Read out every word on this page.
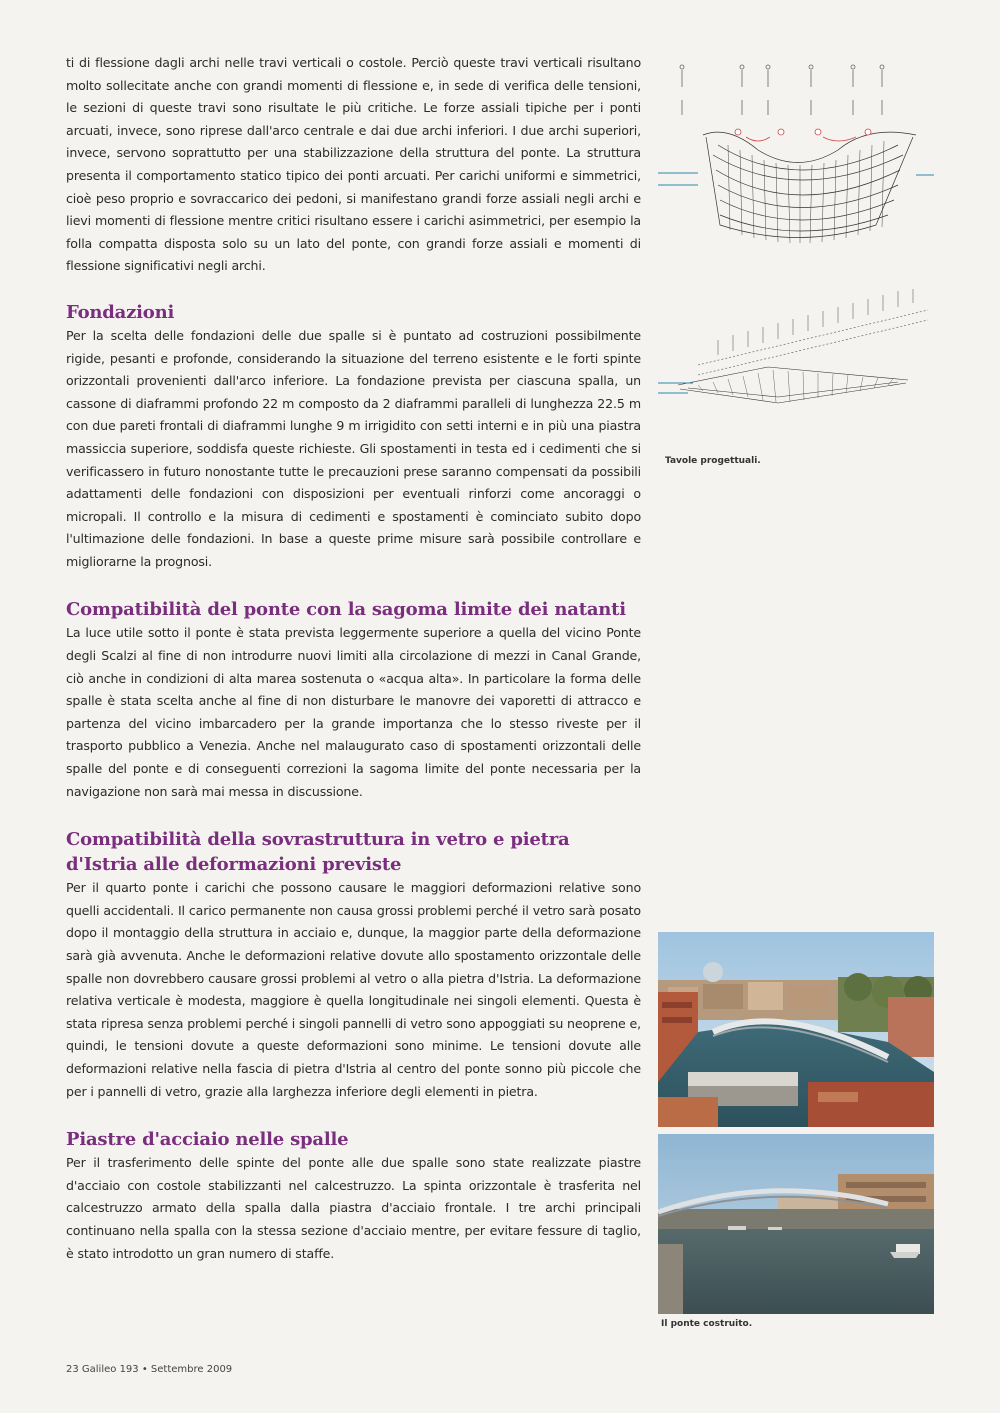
ti di flessione dagli archi nelle travi verticali o costole. Perciò queste travi verticali risultano molto sollecitate anche con grandi momenti di flessione e, in sede di verifica delle tensioni, le sezioni di queste travi sono risultate le più critiche. Le forze assiali tipiche per i ponti arcuati, invece, sono riprese dall'arco centrale e dai due archi inferiori. I due archi superiori, invece, servono soprattutto per una stabilizzazione della struttura del ponte. La struttura presenta il comportamento statico tipico dei ponti arcuati. Per carichi uniformi e simmetrici, cioè peso proprio e sovraccarico dei pedoni, si manifestano grandi forze assiali negli archi e lievi momenti di flessione mentre critici risultano essere i carichi asimmetrici, per esempio la folla compatta disposta solo su un lato del ponte, con grandi forze assiali e momenti di flessione significativi negli archi.

Fondazioni

Per la scelta delle fondazioni delle due spalle si è puntato ad costruzioni possibilmente rigide, pesanti e profonde, considerando la situazione del terreno esistente e le forti spinte orizzontali provenienti dall'arco inferiore. La fondazione prevista per ciascuna spalla, un cassone di diaframmi profondo 22 m composto da 2 diaframmi paralleli di lunghezza 22.5 m con due pareti frontali di diaframmi lunghe 9 m irrigidito con setti interni e in più una piastra massiccia superiore, soddisfa queste richieste. Gli spostamenti in testa ed i cedimenti che si verificassero in futuro nonostante tutte le precauzioni prese saranno compensati da possibili adattamenti delle fondazioni con disposizioni per eventuali rinforzi come ancoraggi o micropali. Il controllo e la misura di cedimenti e spostamenti è cominciato subito dopo l'ultimazione delle fondazioni. In base a queste prime misure sarà possibile controllare e migliorarne la prognosi.

Compatibilità del ponte con la sagoma limite dei natanti

La luce utile sotto il ponte è stata prevista leggermente superiore a quella del vicino Ponte degli Scalzi al fine di non introdurre nuovi limiti alla circolazione di mezzi in Canal Grande, ciò anche in condizioni di alta marea sostenuta o «acqua alta». In particolare la forma delle spalle è stata scelta anche al fine di non disturbare le manovre dei vaporetti di attracco e partenza del vicino imbarcadero per la grande importanza che lo stesso riveste per il trasporto pubblico a Venezia. Anche nel malaugurato caso di spostamenti orizzontali delle spalle del ponte e di conseguenti correzioni la sagoma limite del ponte necessaria per la navigazione non sarà mai messa in discussione.

Compatibilità della sovrastruttura in vetro e pietra d'Istria alle deformazioni previste

Per il quarto ponte i carichi che possono causare le maggiori deformazioni relative sono quelli accidentali. Il carico permanente non causa grossi problemi perché il vetro sarà posato dopo il montaggio della struttura in acciaio e, dunque, la maggior parte della deformazione sarà già avvenuta. Anche le deformazioni relative dovute allo spostamento orizzontale delle spalle non dovrebbero causare grossi problemi al vetro o alla pietra d'Istria. La deformazione relativa verticale è modesta, maggiore è quella longitudinale nei singoli elementi. Questa è stata ripresa senza problemi perché i singoli pannelli di vetro sono appoggiati su neoprene e, quindi, le tensioni dovute a queste deformazioni sono minime. Le tensioni dovute alle deformazioni relative nella fascia di pietra d'Istria al centro del ponte sonno più piccole che per i pannelli di vetro, grazie alla larghezza inferiore degli elementi in pietra.

Piastre d'acciaio nelle spalle

Per il trasferimento delle spinte del ponte alle due spalle sono state realizzate piastre d'acciaio con costole stabilizzanti nel calcestruzzo. La spinta orizzontale è trasferita nel calcestruzzo armato della spalla dalla piastra d'acciaio frontale. I tre archi principali continuano nella spalla con la stessa sezione d'acciaio mentre, per evitare fessure di taglio, è stato introdotto un gran numero di staffe.

Tavole progettuali.
Il ponte costruito.
23 Galileo 193 • Settembre 2009
